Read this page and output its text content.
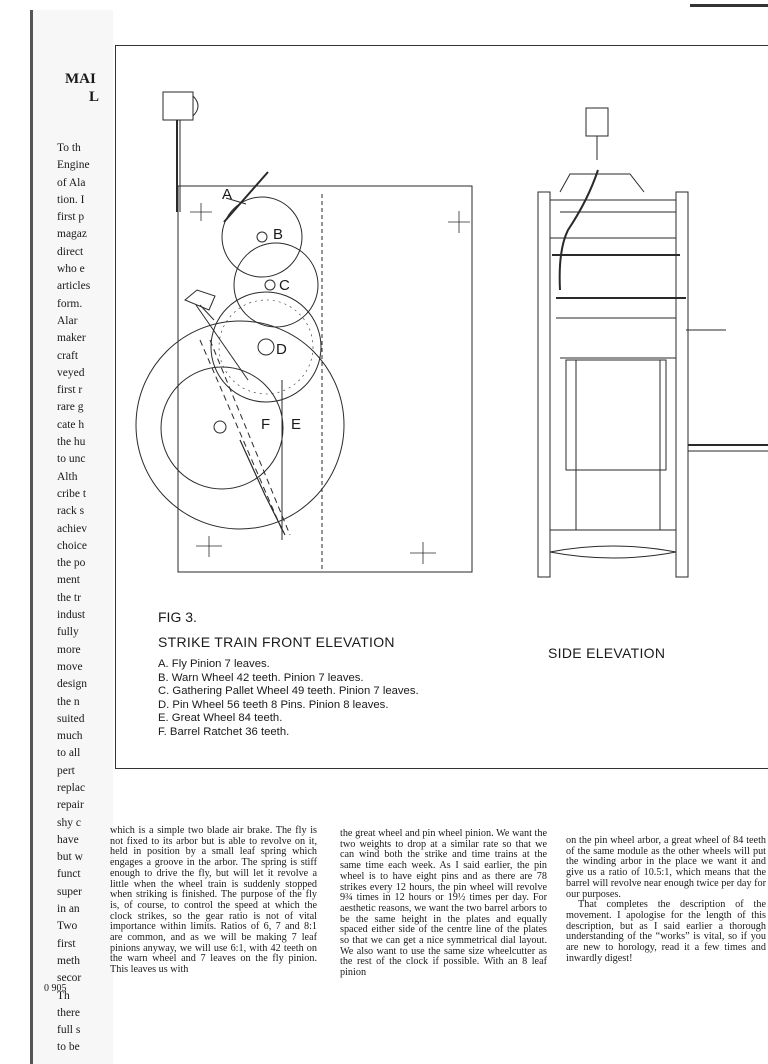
MAI
L
To th
Engine
of Ala
tion. I
first p
magaz
direct
who e
articles
form.
Alar
maker
craft
veyed
first r
rare g
cate h
the hu
to unc
Alth
cribe t
rack s
achiev
choice
the po
ment
the tr
indust
fully
more
move
design
the n
suited
much
to all
pert
replac
repair
shy c
have
but w
funct
super
in an
Two
first
meth
secor
Th
there
full s
to be
0 905
A
B
C
D
F E
FIG 3.
STRIKE TRAIN FRONT ELEVATION
SIDE ELEVATION
A. Fly Pinion 7 leaves.
B. Warn Wheel 42 teeth. Pinion 7 leaves.
C. Gathering Pallet Wheel 49 teeth. Pinion 7 leaves.
D. Pin Wheel 56 teeth 8 Pins. Pinion 8 leaves.
E. Great Wheel 84 teeth.
F. Barrel Ratchet 36 teeth.

which is a simple two blade air brake. The fly is not fixed to its arbor but is able to revolve on it, held in position by a small leaf spring which engages a groove in the arbor. The spring is stiff enough to drive the fly, but will let it revolve a little when the wheel train is suddenly stopped when striking is finished. The purpose of the fly is, of course, to control the speed at which the clock strikes, so the gear ratio is not of vital importance within limits. Ratios of 6, 7 and 8:1 are common, and as we will be making 7 leaf pinions anyway, we will use 6:1, with 42 teeth on the warn wheel and 7 leaves on the fly pinion. This leaves us with

the great wheel and pin wheel pinion. We want the two weights to drop at a similar rate so that we can wind both the strike and time trains at the same time each week. As I said earlier, the pin wheel is to have eight pins and as there are 78 strikes every 12 hours, the pin wheel will revolve 9¾ times in 12 hours or 19½ times per day. For aesthetic reasons, we want the two barrel arbors to be the same height in the plates and equally spaced either side of the centre line of the plates so that we can get a nice symmetrical dial layout. We also want to use the same size wheelcutter as the rest of the clock if possible. With an 8 leaf pinion

on the pin wheel arbor, a great wheel of 84 teeth of the same module as the other wheels will put the winding arbor in the place we want it and give us a ratio of 10.5:1, which means that the barrel will revolve near enough twice per day for our purposes.

That completes the description of the movement. I apologise for the length of this description, but as I said earlier a thorough understanding of the “works” is vital, so if you are new to horology, read it a few times and inwardly digest!
